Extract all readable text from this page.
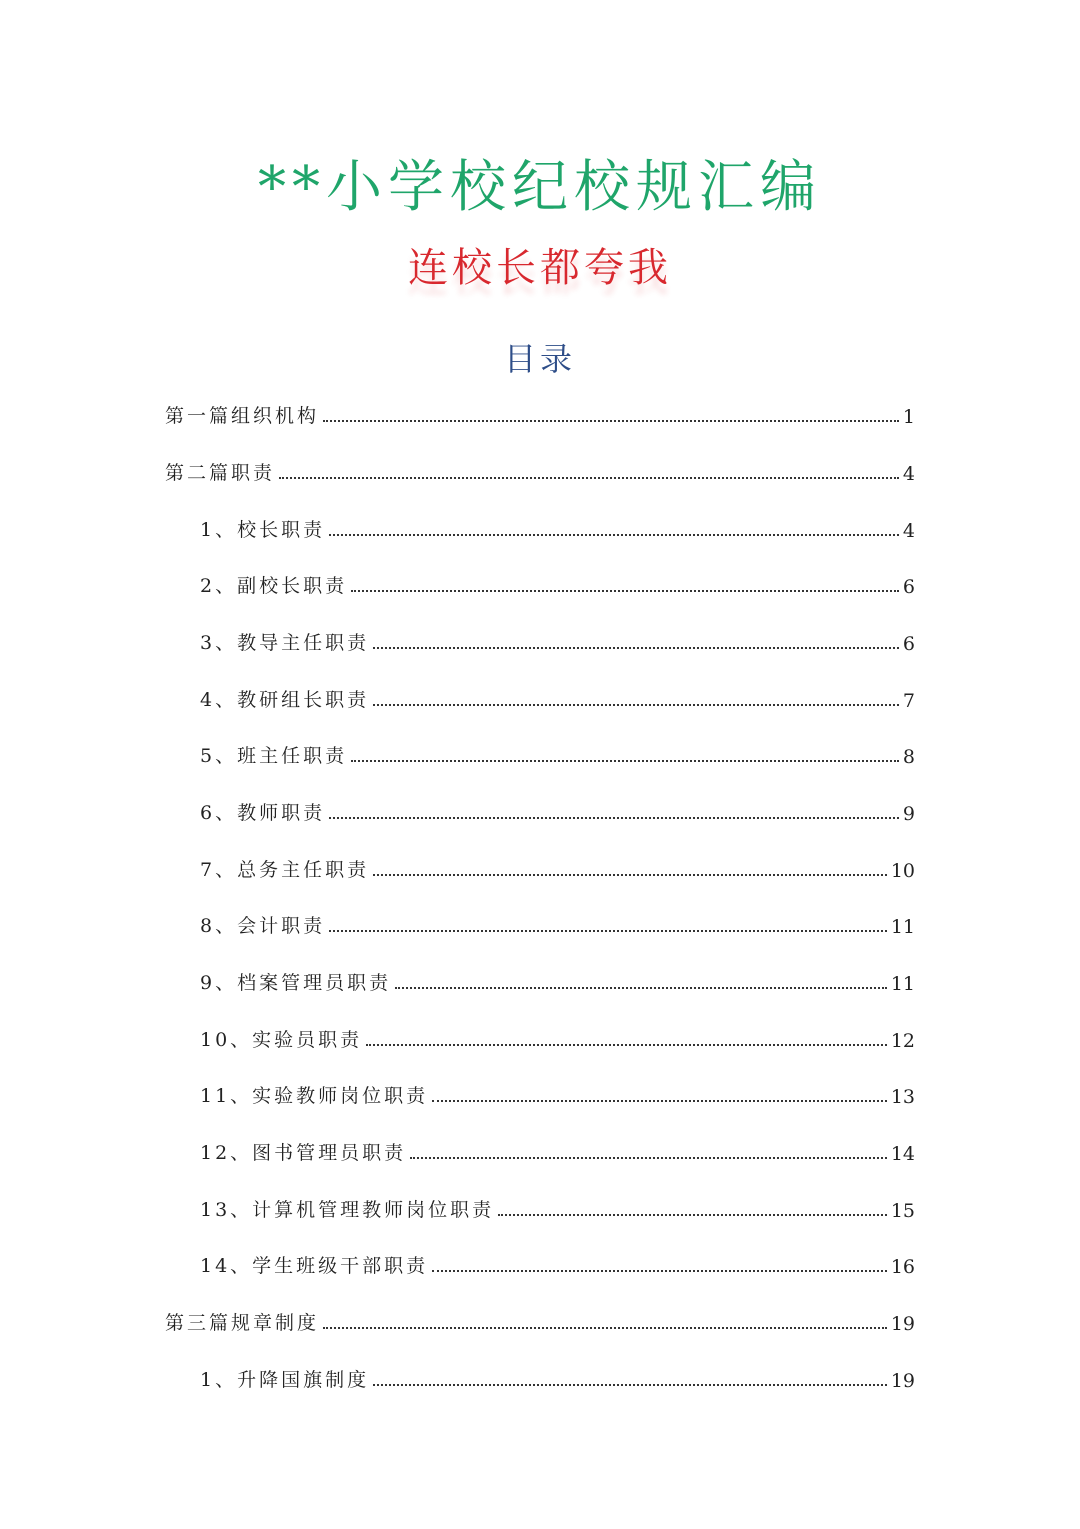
**小学校纪校规汇编
连校长都夸我
目录
第一篇组织机构	1
第二篇职责	4
1、校长职责	4
2、副校长职责	6
3、教导主任职责	6
4、教研组长职责	7
5、班主任职责	8
6、教师职责	9
7、总务主任职责	10
8、会计职责	11
9、档案管理员职责	11
10、实验员职责	12
11、实验教师岗位职责	13
12、图书管理员职责	14
13、计算机管理教师岗位职责	15
14、学生班级干部职责	16
第三篇规章制度	19
1、升降国旗制度	19
